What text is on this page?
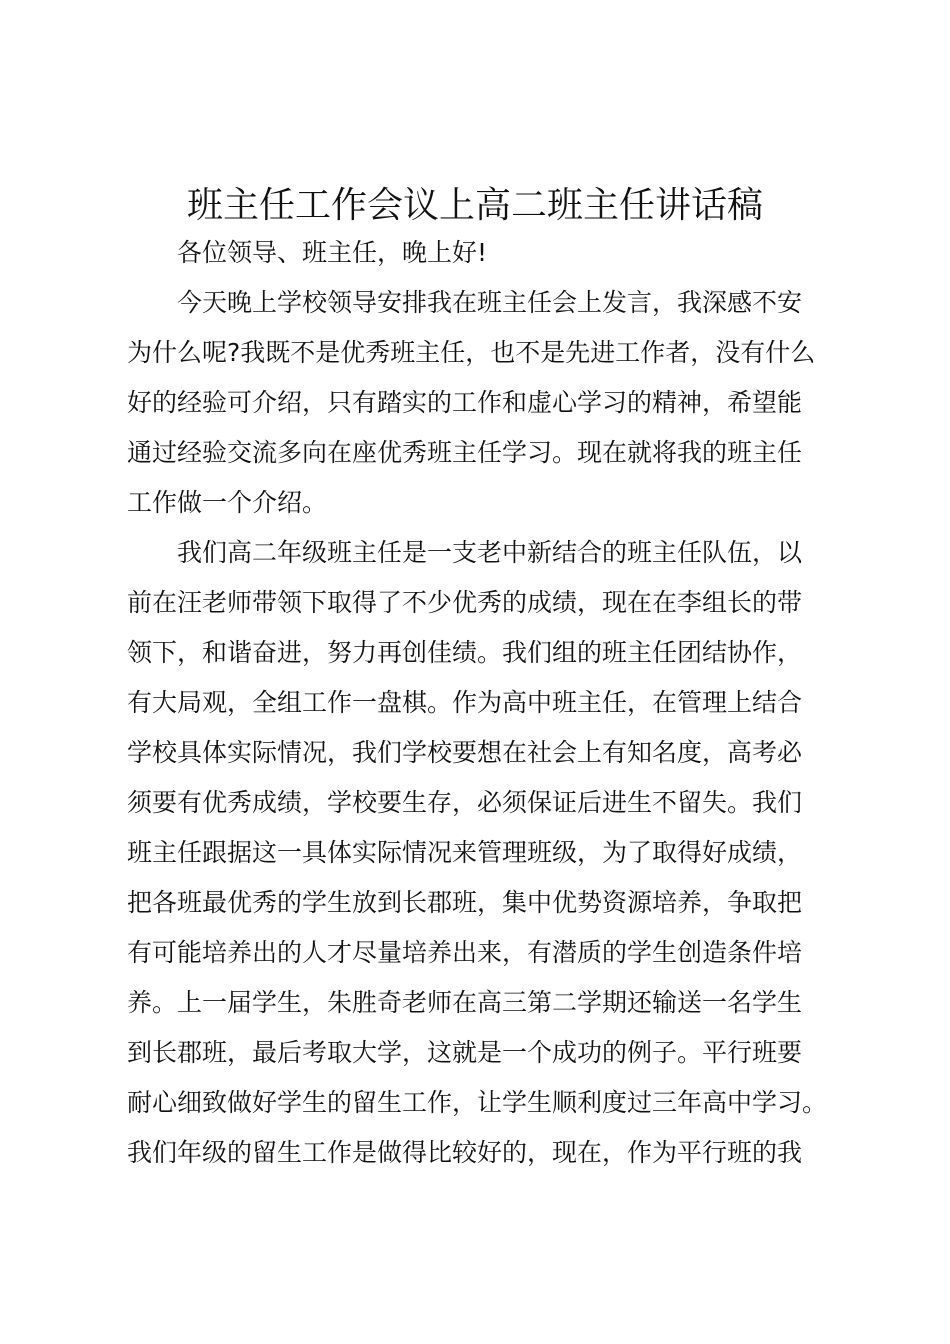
班主任工作会议上高二班主任讲话稿
各位领导、班主任，晚上好!
今天晚上学校领导安排我在班主任会上发言，我深感不安
为什么呢?我既不是优秀班主任，也不是先进工作者，没有什么
好的经验可介绍，只有踏实的工作和虚心学习的精神，希望能
通过经验交流多向在座优秀班主任学习。现在就将我的班主任
工作做一个介绍。
我们高二年级班主任是一支老中新结合的班主任队伍，以
前在汪老师带领下取得了不少优秀的成绩，现在在李组长的带
领下，和谐奋进，努力再创佳绩。我们组的班主任团结协作，
有大局观，全组工作一盘棋。作为高中班主任，在管理上结合
学校具体实际情况，我们学校要想在社会上有知名度，高考必
须要有优秀成绩，学校要生存，必须保证后进生不留失。我们
班主任跟据这一具体实际情况来管理班级，为了取得好成绩，
把各班最优秀的学生放到长郡班，集中优势资源培养，争取把
有可能培养出的人才尽量培养出来，有潜质的学生创造条件培
养。上一届学生，朱胜奇老师在高三第二学期还输送一名学生
到长郡班，最后考取大学，这就是一个成功的例子。平行班要
耐心细致做好学生的留生工作，让学生顺利度过三年高中学习。
我们年级的留生工作是做得比较好的，现在，作为平行班的我
